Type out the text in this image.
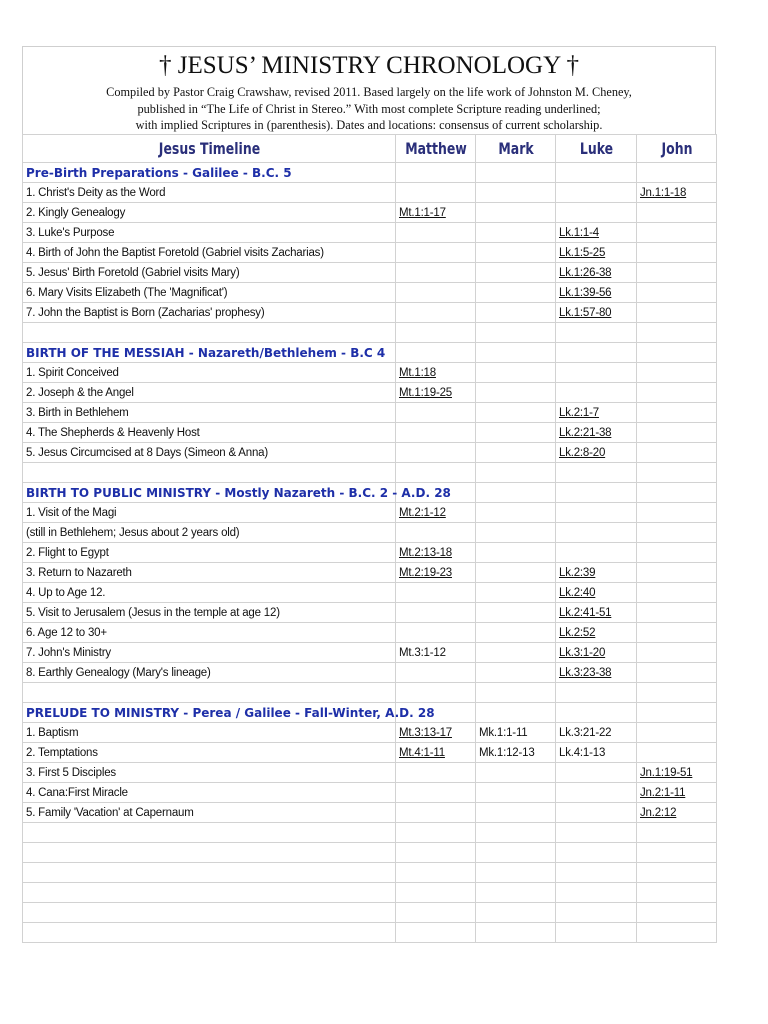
† JESUS’ MINISTRY CHRONOLOGY †
Compiled by Pastor Craig Crawshaw, revised 2011. Based largely on the life work of Johnston M. Cheney,
published in “The Life of Christ in Stereo.” With most complete Scripture reading underlined;
with implied Scriptures in (parenthesis). Dates and locations: consensus of current scholarship.
Jesus Timeline	Matthew	Mark	Luke	John
Pre-Birth Preparations - Galilee - B.C. 5				
1. Christ's Deity as the Word				Jn.1:1-18
2. Kingly Genealogy	Mt.1:1-17			
3. Luke's Purpose			Lk.1:1-4	
4. Birth of John the Baptist Foretold (Gabriel visits Zacharias)			Lk.1:5-25	
5. Jesus' Birth Foretold (Gabriel visits Mary)			Lk.1:26-38	
6. Mary Visits Elizabeth (The 'Magnificat')			Lk.1:39-56	
7. John the Baptist is Born (Zacharias' prophesy)			Lk.1:57-80	

BIRTH OF THE MESSIAH - Nazareth/Bethlehem - B.C 4				
1. Spirit Conceived	Mt.1:18			
2. Joseph & the Angel	Mt.1:19-25			
3. Birth in Bethlehem			Lk.2:1-7	
4. The Shepherds & Heavenly Host			Lk.2:21-38	
5. Jesus Circumcised at 8 Days (Simeon & Anna)			Lk.2:8-20	

BIRTH TO PUBLIC MINISTRY - Mostly Nazareth - B.C. 2 - A.D. 28				
1. Visit of the Magi	Mt.2:1-12			
(still in Bethlehem; Jesus about 2 years old)				
2. Flight to Egypt	Mt.2:13-18			
3. Return to Nazareth	Mt.2:19-23		Lk.2:39	
4. Up to Age 12.			Lk.2:40	
5. Visit to Jerusalem (Jesus in the temple at age 12)			Lk.2:41-51	
6. Age 12 to 30+			Lk.2:52	
7. John's Ministry	Mt.3:1-12		Lk.3:1-20	
8. Earthly Genealogy (Mary's lineage)			Lk.3:23-38	

PRELUDE TO MINISTRY - Perea / Galilee - Fall-Winter, A.D. 28				
1. Baptism	Mt.3:13-17	Mk.1:1-11	Lk.3:21-22	
2. Temptations	Mt.4:1-11	Mk.1:12-13	Lk.4:1-13	
3. First 5 Disciples				Jn.1:19-51
4. Cana:First Miracle				Jn.2:1-11
5. Family 'Vacation' at Capernaum				Jn.2:12
